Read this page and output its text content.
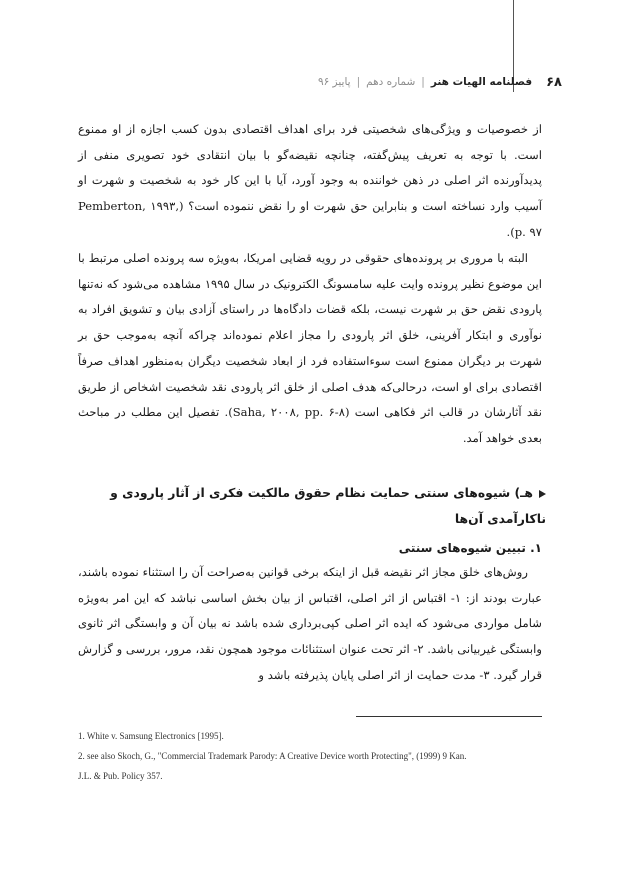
۶۸
فصلنامه الهیات هنر
|
شماره دهم
|
پاییز ۹۶

از خصوصیات و ویژگی‌های شخصیتی فرد برای اهداف اقتصادی بدون کسب اجازه از او ممنوع است. با توجه به تعریف پیش‌گفته، چنانچه نقیضه‌گو با بیان انتقادی خود تصویری منفی از پدیدآورنده اثر اصلی در ذهن خواننده به وجود آورد، آیا با این کار خود به شخصیت و شهرت او آسیب وارد نساخته است و بنابراین حق شهرت او را نقض ننموده است؟ (Pemberton, ۱۹۹۳, p. ۹۷).

البته با مروری بر پرونده‌های حقوقی در رویه قضایی امریکا، به‌ویژه سه پرونده اصلی مرتبط با این موضوع نظیر پرونده وایت علیه سامسونگ الکترونیک در سال ۱۹۹۵ مشاهده می‌شود که نه‌تنها پارودی نقض حق بر شهرت نیست، بلکه قضات دادگاه‌ها در راستای آزادی بیان و تشویق افراد به نوآوری و ابتکار آفرینی، خلق اثر پارودی را مجاز اعلام نموده‌اند چراکه آنچه به‌موجب حق بر شهرت بر دیگران ممنوع است سوءاستفاده فرد از ابعاد شخصیت دیگران به‌منظور اهداف صرفاً اقتصادی برای او است، درحالی‌که هدف اصلی از خلق اثر پارودی نقد شخصیت اشخاص از طریق نقد آثارشان در قالب اثر فکاهی است (Saha, ۲۰۰۸, pp. ۶-۸). تفصیل این مطلب در مباحث بعدی خواهد آمد.

هـ) شیوه‌های سنتی حمایت نظام حقوق مالکیت فکری از آثار پارودی و ناکارآمدی آن‌ها
۱. تبیین شیوه‌های سنتی

روش‌های خلق مجاز اثر نقیضه قبل از اینکه برخی قوانین به‌صراحت آن را استثناء نموده باشند، عبارت بودند از: ۱- اقتباس از اثر اصلی، اقتباس از بیان بخش اساسی نباشد که این امر به‌ویژه شامل مواردی می‌شود که ایده اثر اصلی کپی‌برداری شده باشد نه بیان آن و وابستگی اثر ثانوی وابستگی غیربیانی باشد. ۲- اثر تحت عنوان استثنائات موجود همچون نقد، مرور، بررسی و گزارش قرار گیرد. ۳- مدت حمایت از اثر اصلی پایان پذیرفته باشد و

1. White v. Samsung Electronics [1995].
2. see also Skoch, G., "Commercial Trademark Parody: A Creative Device worth Protecting", (1999) 9 Kan.
J.L. & Pub. Policy 357.
